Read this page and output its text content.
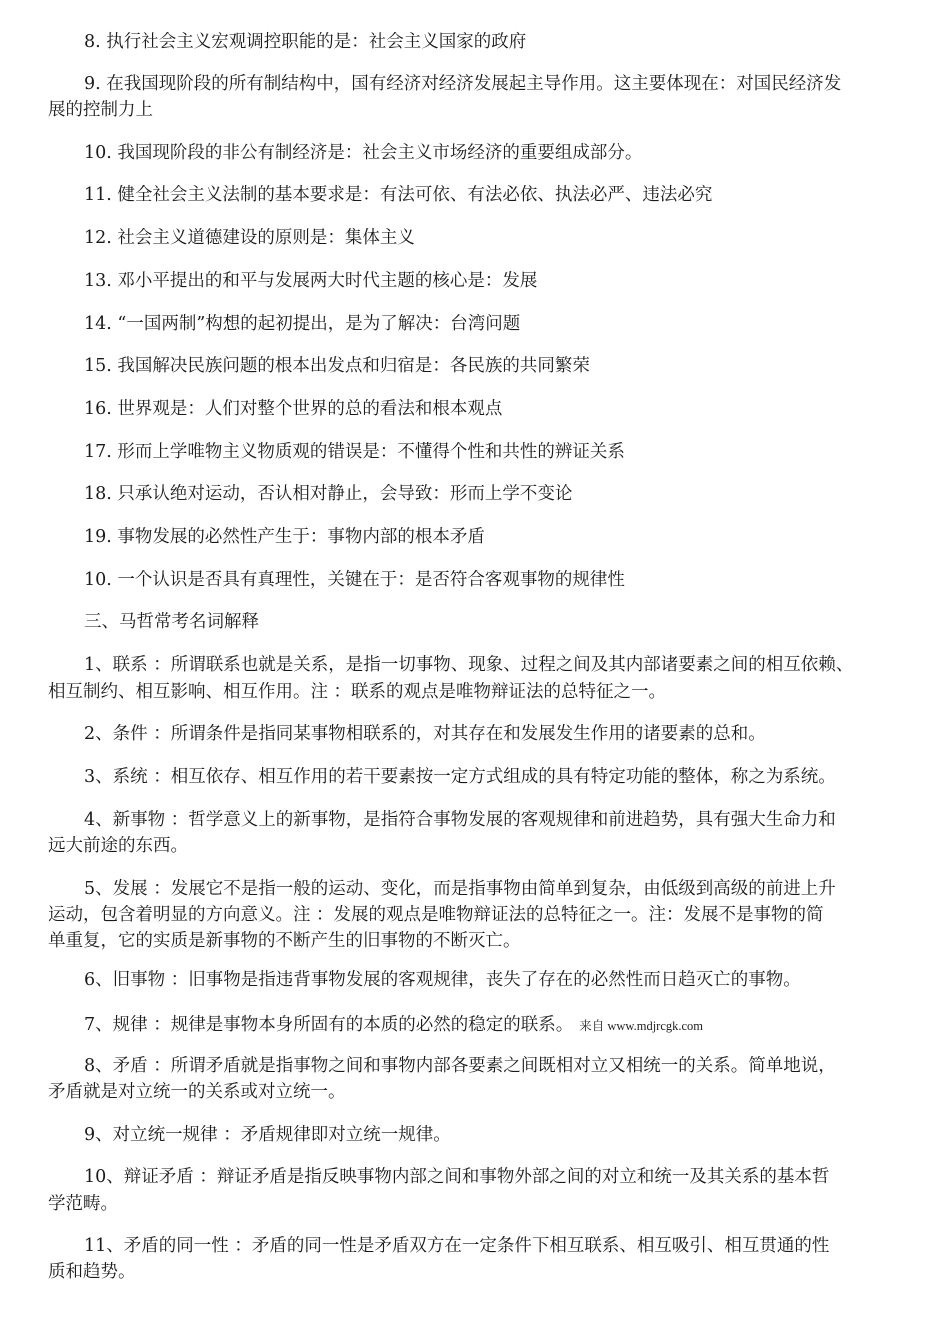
8. 执行社会主义宏观调控职能的是：社会主义国家的政府
9. 在我国现阶段的所有制结构中，国有经济对经济发展起主导作用。这主要体现在：对国民经济发
展的控制力上
10. 我国现阶段的非公有制经济是：社会主义市场经济的重要组成部分。
11. 健全社会主义法制的基本要求是：有法可依、有法必依、执法必严、违法必究
12. 社会主义道德建设的原则是：集体主义
13. 邓小平提出的和平与发展两大时代主题的核心是：发展
14. “一国两制”构想的起初提出，是为了解决：台湾问题
15. 我国解决民族问题的根本出发点和归宿是：各民族的共同繁荣
16. 世界观是：人们对整个世界的总的看法和根本观点
17. 形而上学唯物主义物质观的错误是：不懂得个性和共性的辨证关系
18. 只承认绝对运动，否认相对静止，会导致：形而上学不变论
19. 事物发展的必然性产生于：事物内部的根本矛盾
10. 一个认识是否具有真理性，关键在于：是否符合客观事物的规律性
三、马哲常考名词解释
1、联系 ：所谓联系也就是关系，是指一切事物、现象、过程之间及其内部诸要素之间的相互依赖、
相互制约、相互影响、相互作用。注 ：联系的观点是唯物辩证法的总特征之一。
2、条件 ：所谓条件是指同某事物相联系的，对其存在和发展发生作用的诸要素的总和。
3、系统 ：相互依存、相互作用的若干要素按一定方式组成的具有特定功能的整体，称之为系统。
4、新事物 ：哲学意义上的新事物，是指符合事物发展的客观规律和前进趋势，具有强大生命力和
远大前途的东西。
5、发展 ：发展它不是指一般的运动、变化，而是指事物由简单到复杂，由低级到高级的前进上升
运动，包含着明显的方向意义。注 ：发展的观点是唯物辩证法的总特征之一。注：发展不是事物的简
单重复，它的实质是新事物的不断产生的旧事物的不断灭亡。
6、旧事物 ：旧事物是指违背事物发展的客观规律，丧失了存在的必然性而日趋灭亡的事物。
7、规律 ：规律是事物本身所固有的本质的必然的稳定的联系。 来自 www.mdjrcgk.com
8、矛盾 ：所谓矛盾就是指事物之间和事物内部各要素之间既相对立又相统一的关系。简单地说，
矛盾就是对立统一的关系或对立统一。
9、对立统一规律 ：矛盾规律即对立统一规律。
10、辩证矛盾 ：辩证矛盾是指反映事物内部之间和事物外部之间的对立和统一及其关系的基本哲
学范畴。
11、矛盾的同一性 ：矛盾的同一性是矛盾双方在一定条件下相互联系、相互吸引、相互贯通的性
质和趋势。
